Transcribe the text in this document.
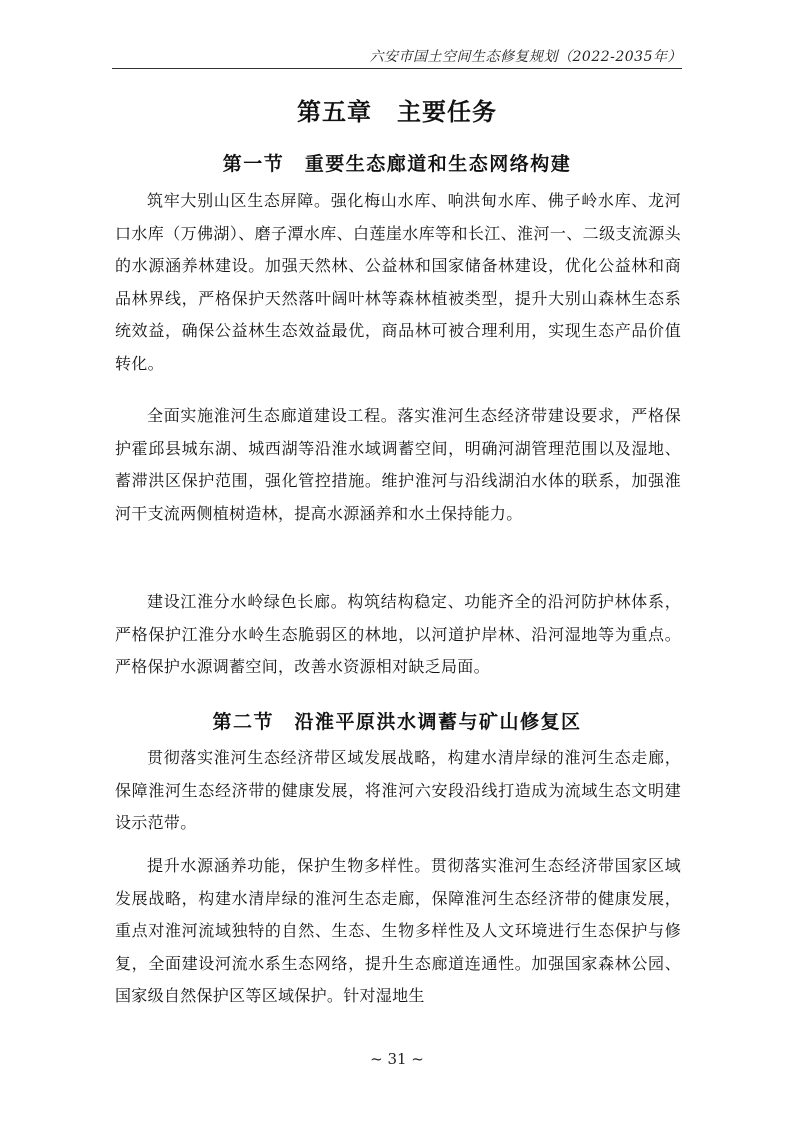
六安市国土空间生态修复规划（2022-2035年）
第五章　主要任务
第一节　重要生态廊道和生态网络构建

筑牢大别山区生态屏障。强化梅山水库、响洪甸水库、佛子岭水库、龙河口水库（万佛湖）、磨子潭水库、白莲崖水库等和长江、淮河一、二级支流源头的水源涵养林建设。加强天然林、公益林和国家储备林建设，优化公益林和商品林界线，严格保护天然落叶阔叶林等森林植被类型，提升大别山森林生态系统效益，确保公益林生态效益最优，商品林可被合理利用，实现生态产品价值转化。

全面实施淮河生态廊道建设工程。落实淮河生态经济带建设要求，严格保护霍邱县城东湖、城西湖等沿淮水域调蓄空间，明确河湖管理范围以及湿地、蓄滞洪区保护范围，强化管控措施。维护淮河与沿线湖泊水体的联系，加强淮河干支流两侧植树造林，提高水源涵养和水土保持能力。

建设江淮分水岭绿色长廊。构筑结构稳定、功能齐全的沿河防护林体系，严格保护江淮分水岭生态脆弱区的林地，以河道护岸林、沿河湿地等为重点。严格保护水源调蓄空间，改善水资源相对缺乏局面。

第二节　沿淮平原洪水调蓄与矿山修复区

贯彻落实淮河生态经济带区域发展战略，构建水清岸绿的淮河生态走廊，保障淮河生态经济带的健康发展，将淮河六安段沿线打造成为流域生态文明建设示范带。

提升水源涵养功能，保护生物多样性。贯彻落实淮河生态经济带国家区域发展战略，构建水清岸绿的淮河生态走廊，保障淮河生态经济带的健康发展，重点对淮河流域独特的自然、生态、生物多样性及人文环境进行生态保护与修复，全面建设河流水系生态网络，提升生态廊道连通性。加强国家森林公园、国家级自然保护区等区域保护。针对湿地生

~ 31 ~
